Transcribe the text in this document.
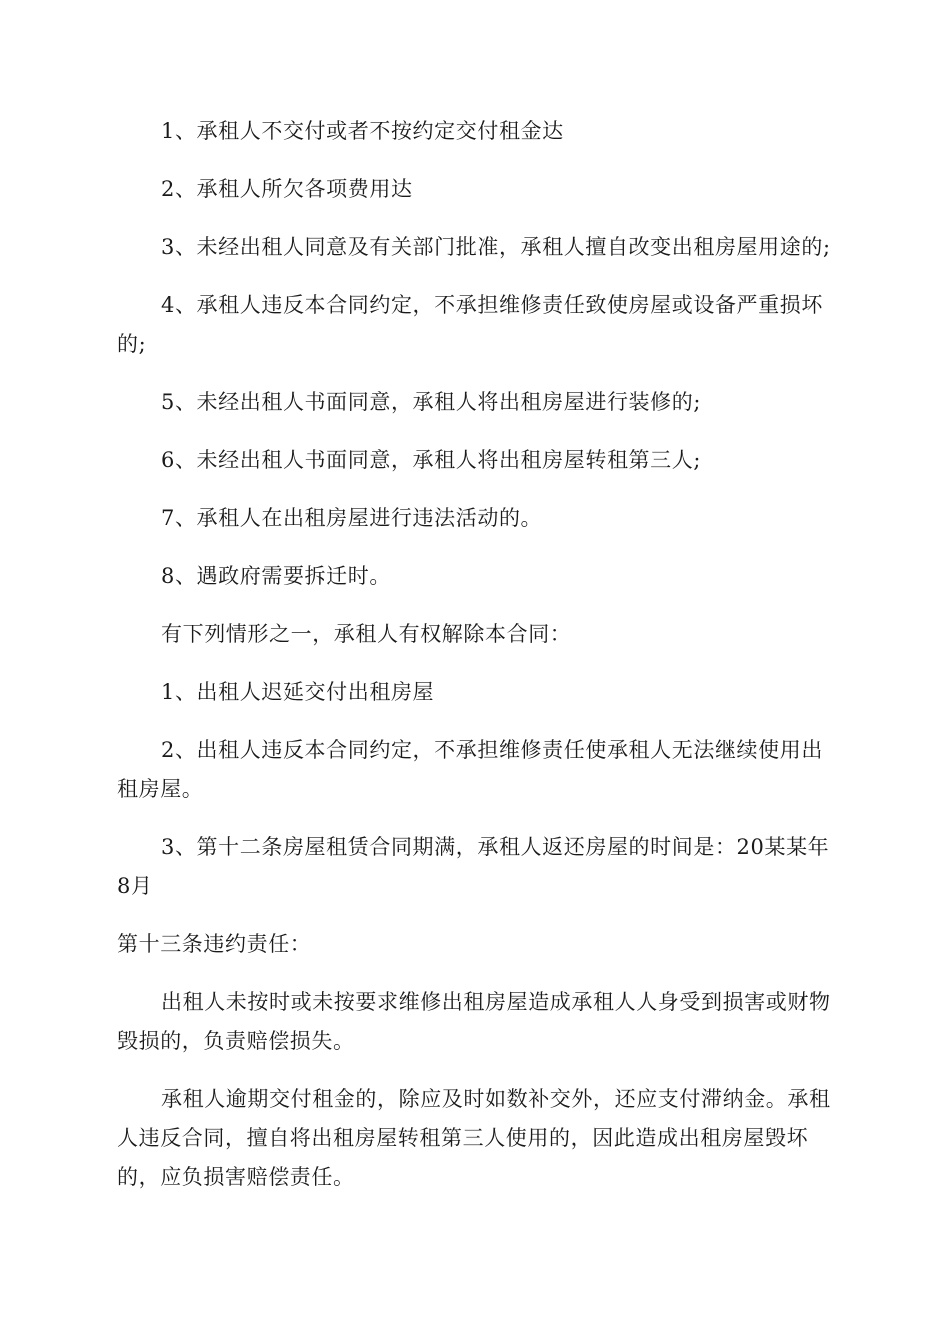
1、承租人不交付或者不按约定交付租金达

2、承租人所欠各项费用达

3、未经出租人同意及有关部门批准，承租人擅自改变出租房屋用途的;

4、承租人违反本合同约定，不承担维修责任致使房屋或设备严重损坏的;

5、未经出租人书面同意，承租人将出租房屋进行装修的;

6、未经出租人书面同意，承租人将出租房屋转租第三人;

7、承租人在出租房屋进行违法活动的。

8、遇政府需要拆迁时。

有下列情形之一，承租人有权解除本合同：

1、出租人迟延交付出租房屋

2、出租人违反本合同约定，不承担维修责任使承租人无法继续使用出租房屋。

3、第十二条房屋租赁合同期满，承租人返还房屋的时间是：20某某年8月

第十三条违约责任：

出租人未按时或未按要求维修出租房屋造成承租人人身受到损害或财物毁损的，负责赔偿损失。

承租人逾期交付租金的，除应及时如数补交外，还应支付滞纳金。承租人违反合同，擅自将出租房屋转租第三人使用的，因此造成出租房屋毁坏的，应负损害赔偿责任。
